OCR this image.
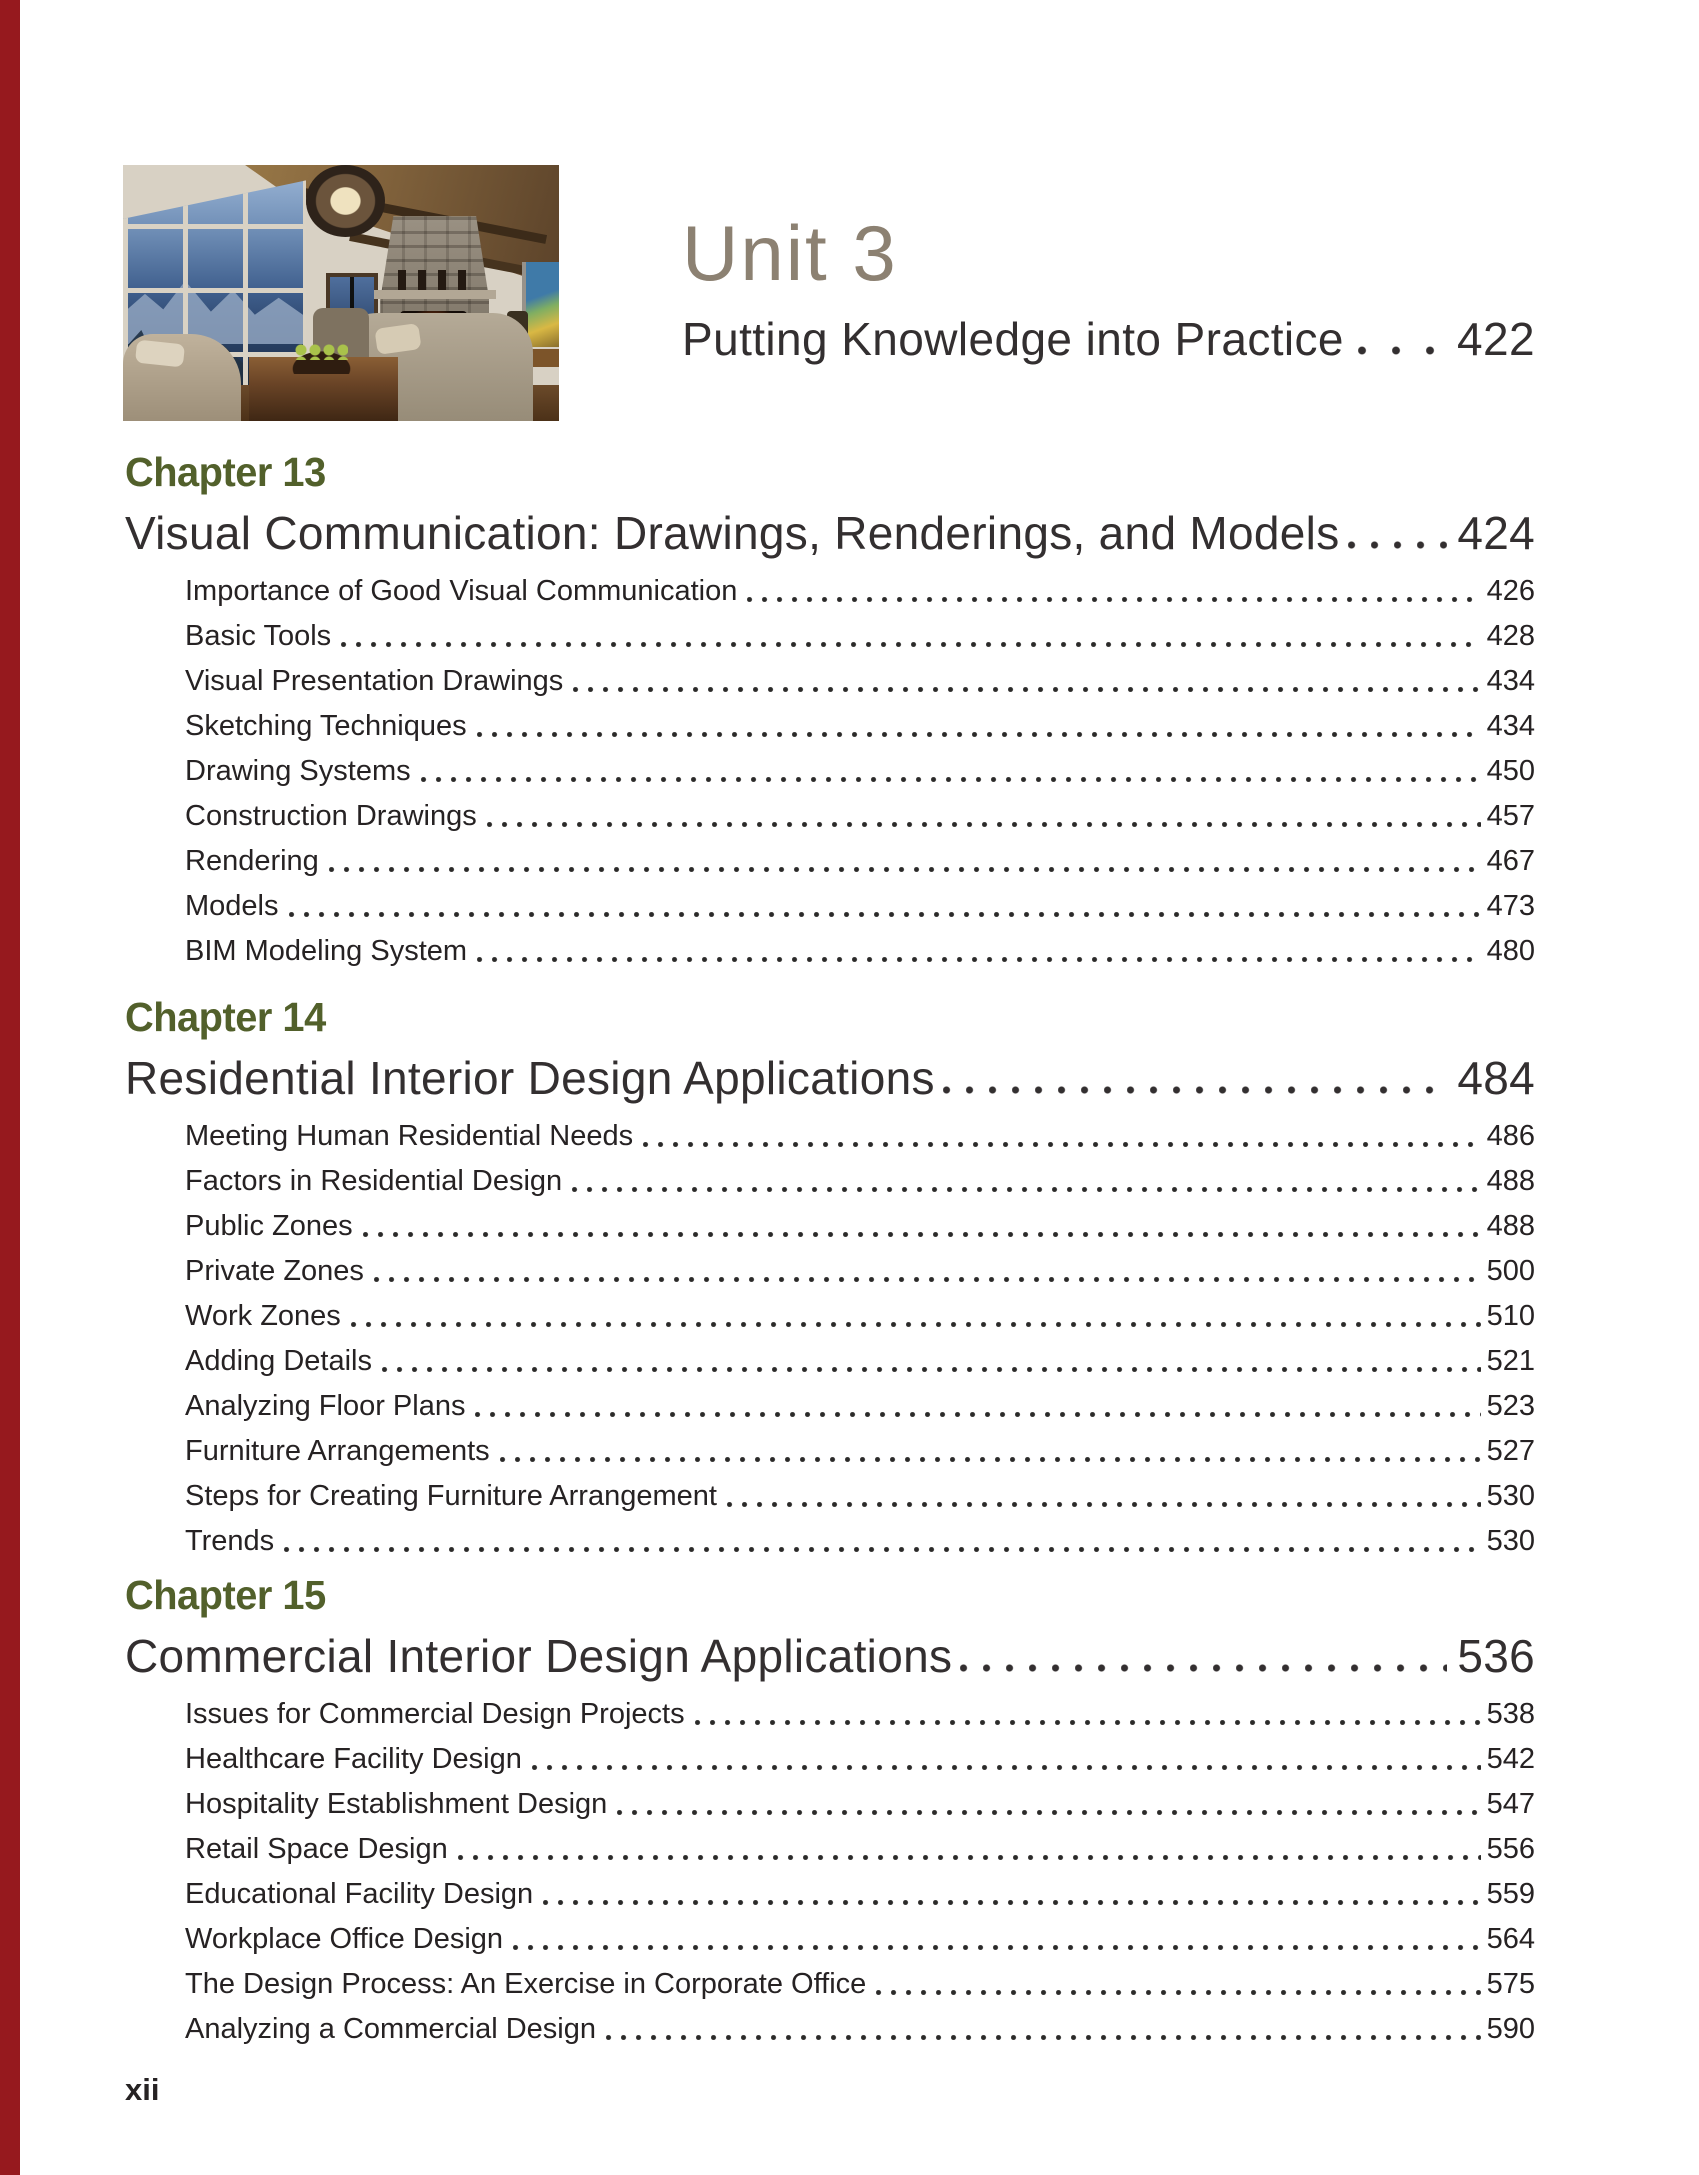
Unit 3
Putting Knowledge into Practice 422
Chapter 13
Visual Communication: Drawings, Renderings, and Models	424
Importance of Good Visual Communication	426
Basic Tools	428
Visual Presentation Drawings	434
Sketching Techniques	434
Drawing Systems	450
Construction Drawings	457
Rendering	467
Models	473
BIM Modeling System	480
Chapter 14
Residential Interior Design Applications	484
Meeting Human Residential Needs	486
Factors in Residential Design	488
Public Zones	488
Private Zones	500
Work Zones	510
Adding Details	521
Analyzing Floor Plans	523
Furniture Arrangements	527
Steps for Creating Furniture Arrangement	530
Trends	530
Chapter 15
Commercial Interior Design Applications	536
Issues for Commercial Design Projects	538
Healthcare Facility Design	542
Hospitality Establishment Design	547
Retail Space Design	556
Educational Facility Design	559
Workplace Office Design	564
The Design Process: An Exercise in Corporate Office	575
Analyzing a Commercial Design	590
xii
